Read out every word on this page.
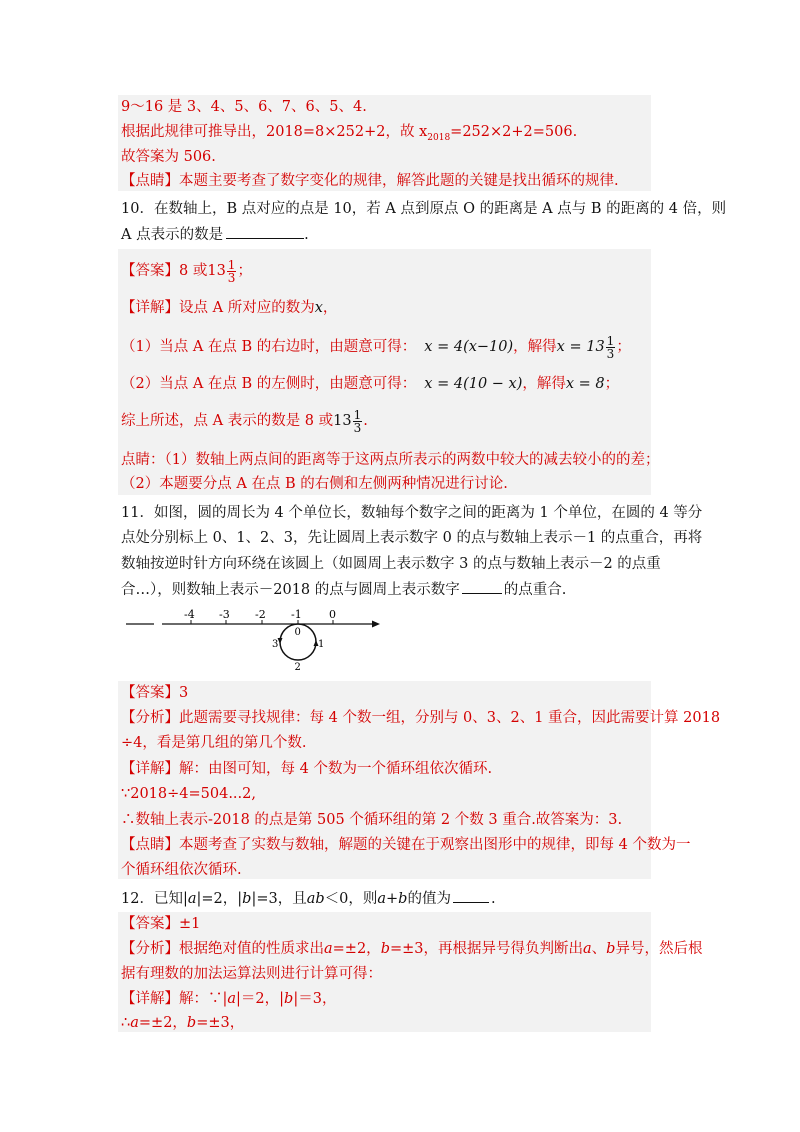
9～16 是 3、4、5、6、7、6、5、4.
根据此规律可推导出，2018=8×252+2，故 $x_{2018}=252\times 2+2=506$.
故答案为 506.
【点睛】本题主要考查了数字变化的规律，解答此题的关键是找出循环的规律.
10．在数轴上，B 点对应的点是 10，若 A 点到原点 O 的距离是 A 点与 B 的距离的 4 倍，则
A 点表示的数是	.
【答案】8 或$13 \frac{1}{3}$ ；
【详解】设点 A 所对应的数为x，
（1）当点 A 在点 B 的右边时，由题意可得： x = 4(x−10)，解得$x = 13 \frac{1}{3}$ ；
（2）当点 A 在点 B 的左侧时，由题意可得： x = 4(10 − x)，解得x = 8；
综上所述，点 A 表示的数是 8 或$13 \frac{1}{3}$ .
点睛：（1）数轴上两点间的距离等于这两点所表示的两数中较大的减去较小的的差；
（2）本题要分点 A 在点 B 的右侧和左侧两种情况进行讨论.
11．如图，圆的周长为 4 个单位长，数轴每个数字之间的距离为 1 个单位，在圆的 4 等分
点处分别标上 0、1、2、3，先让圆周上表示数字 0 的点与数轴上表示－1 的点重合，再将
数轴按逆时针方向环绕在该圆上（如圆周上表示数字 3 的点与数轴上表示－2 的点重
合…），则数轴上表示－2018 的点与圆周上表示数字	的点重合.
-4 -3 -2 -1 0
0
1
2
3
【答案】3
【分析】此题需要寻找规律：每 4 个数一组，分别与 0、3、2、1 重合，因此需要计算 2018
÷4，看是第几组的第几个数.
【详解】解：由图可知，每 4 个数为一个循环组依次循环.
∵2018÷4=504...2,
∴数轴上表示-2018 的点是第 505 个循环组的第 2 个数 3 重合.故答案为：3.
【点睛】本题考查了实数与数轴，解题的关键在于观察出图形中的规律，即每 4 个数为一
个循环组依次循环.
12．已知|a|=2，|b|=3，且ab＜0，则a+b的值为	.
【答案】±1
【分析】根据绝对值的性质求出a=±2，b=±3，再根据异号得负判断出a、b异号，然后根
据有理数的加法运算法则进行计算可得：
【详解】解：∵|a|＝2，|b|＝3，
∴a=±2，b=±3，
